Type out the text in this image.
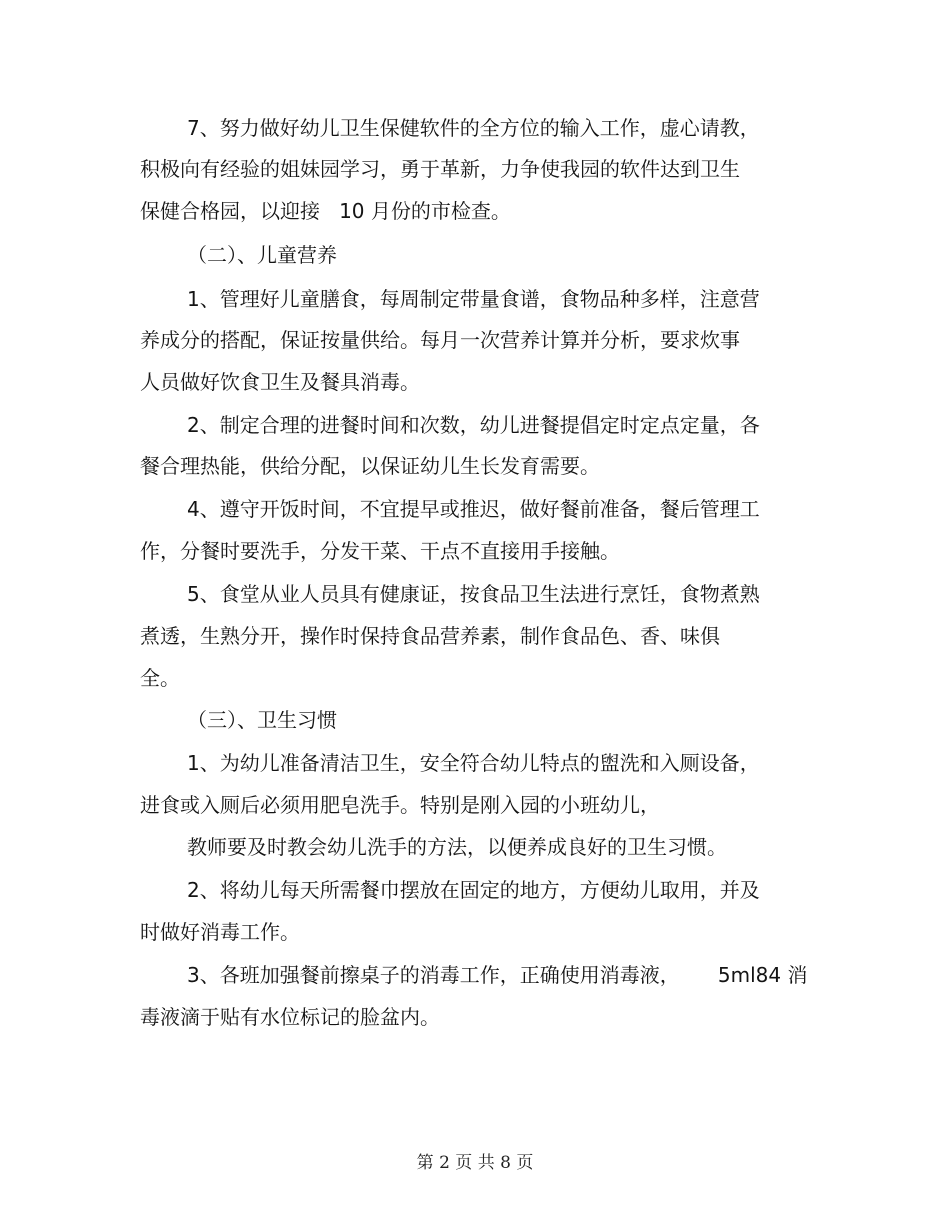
7、努力做好幼儿卫生保健软件的全方位的输入工作，虚心请教，

积极向有经验的姐妹园学习，勇于革新，力争使我园的软件达到卫生

保健合格园，以迎接   10 月份的市检查。

（二）、儿童营养

1、管理好儿童膳食，每周制定带量食谱，食物品种多样，注意营

养成分的搭配，保证按量供给。每月一次营养计算并分析，要求炊事

人员做好饮食卫生及餐具消毒。

2、制定合理的进餐时间和次数，幼儿进餐提倡定时定点定量，各

餐合理热能，供给分配，以保证幼儿生长发育需要。

4、遵守开饭时间，不宜提早或推迟，做好餐前准备，餐后管理工

作，分餐时要洗手，分发干菜、干点不直接用手接触。

5、食堂从业人员具有健康证，按食品卫生法进行烹饪，食物煮熟

煮透，生熟分开，操作时保持食品营养素，制作食品色、香、味俱

全。

（三）、卫生习惯

1、为幼儿准备清洁卫生，安全符合幼儿特点的盥洗和入厕设备，

进食或入厕后必须用肥皂洗手。特别是刚入园的小班幼儿，

教师要及时教会幼儿洗手的方法，以便养成良好的卫生习惯。

2、将幼儿每天所需餐巾摆放在固定的地方，方便幼儿取用，并及

时做好消毒工作。

3、各班加强餐前擦桌子的消毒工作，正确使用消毒液，      5ml84 消

毒液滴于贴有水位标记的脸盆内。

第 2 页 共 8 页
